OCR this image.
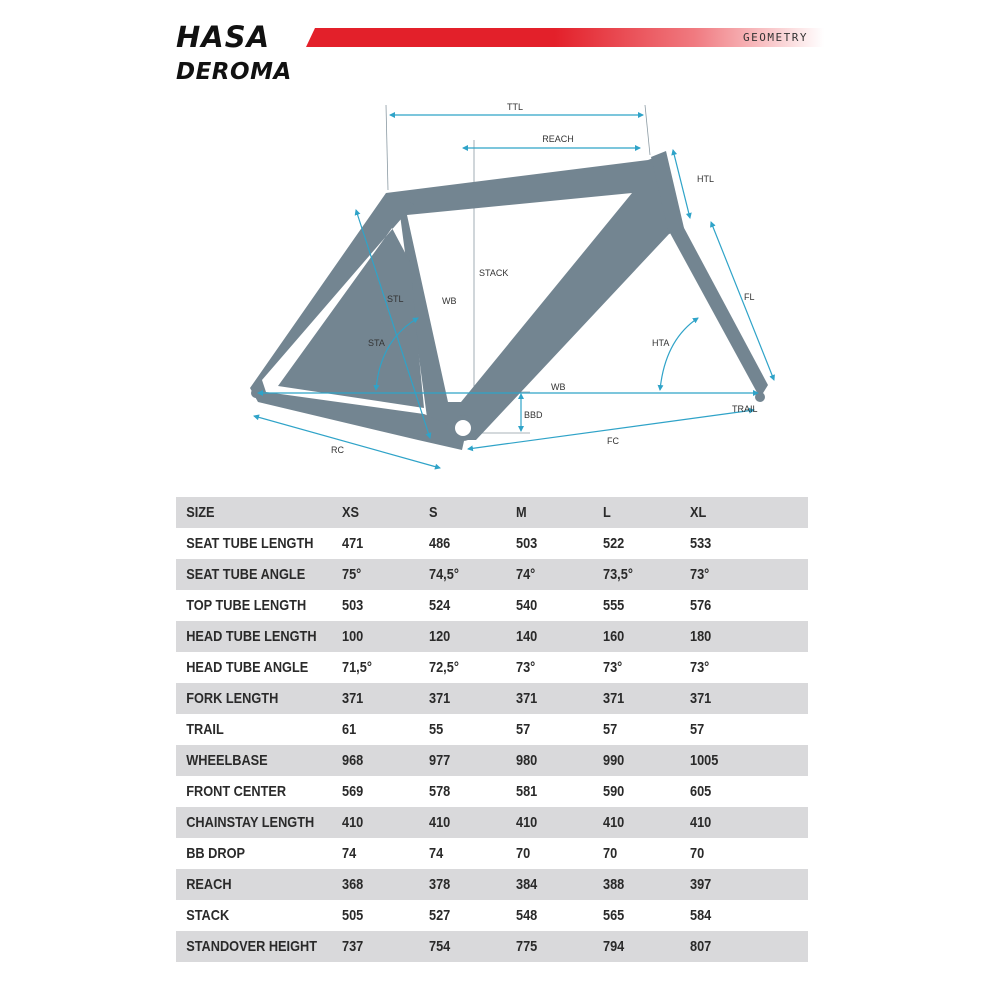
HASA	GEOMETRY
DEROMA
TTL
REACH
HTL
STACK
STL	WB	FL
STA	HTA
WB
TRAIL
BBD
RC
FC
SIZE	XS	S	M	L	XL
SEAT TUBE LENGTH	471	486	503	522	533
SEAT TUBE ANGLE	75°	74,5°	74°	73,5°	73°
TOP TUBE LENGTH	503	524	540	555	576
HEAD TUBE LENGTH	100	120	140	160	180
HEAD TUBE ANGLE	71,5°	72,5°	73°	73°	73°
FORK LENGTH	371	371	371	371	371
TRAIL	61	55	57	57	57
WHEELBASE	968	977	980	990	1005
FRONT CENTER	569	578	581	590	605
CHAINSTAY LENGTH	410	410	410	410	410
BB DROP	74	74	70	70	70
REACH	368	378	384	388	397
STACK	505	527	548	565	584
STANDOVER HEIGHT	737	754	775	794	807
